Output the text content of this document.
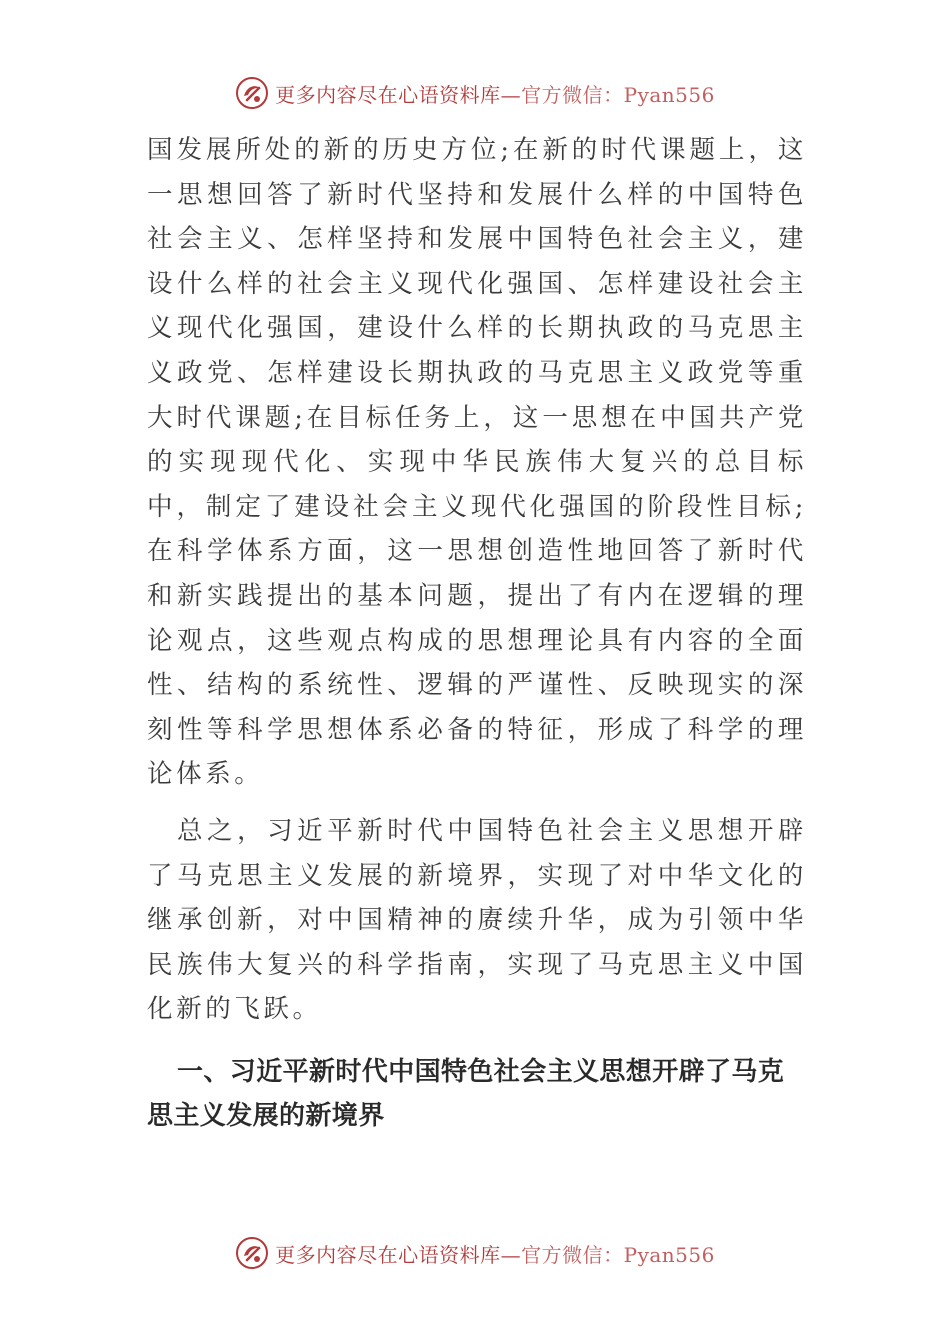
更多内容尽在心语资料库—官方微信：Pyan556

国发展所处的新的历史方位;在新的时代课题上，这一思想回答了新时代坚持和发展什么样的中国特色社会主义、怎样坚持和发展中国特色社会主义，建设什么样的社会主义现代化强国、怎样建设社会主义现代化强国，建设什么样的长期执政的马克思主义政党、怎样建设长期执政的马克思主义政党等重大时代课题;在目标任务上，这一思想在中国共产党的实现现代化、实现中华民族伟大复兴的总目标中，制定了建设社会主义现代化强国的阶段性目标;在科学体系方面，这一思想创造性地回答了新时代和新实践提出的基本问题，提出了有内在逻辑的理论观点，这些观点构成的思想理论具有内容的全面性、结构的系统性、逻辑的严谨性、反映现实的深刻性等科学思想体系必备的特征，形成了科学的理论体系。

总之，习近平新时代中国特色社会主义思想开辟了马克思主义发展的新境界，实现了对中华文化的继承创新，对中国精神的赓续升华，成为引领中华民族伟大复兴的科学指南，实现了马克思主义中国化新的飞跃。

一、习近平新时代中国特色社会主义思想开辟了马克思主义发展的新境界
更多内容尽在心语资料库—官方微信：Pyan556
